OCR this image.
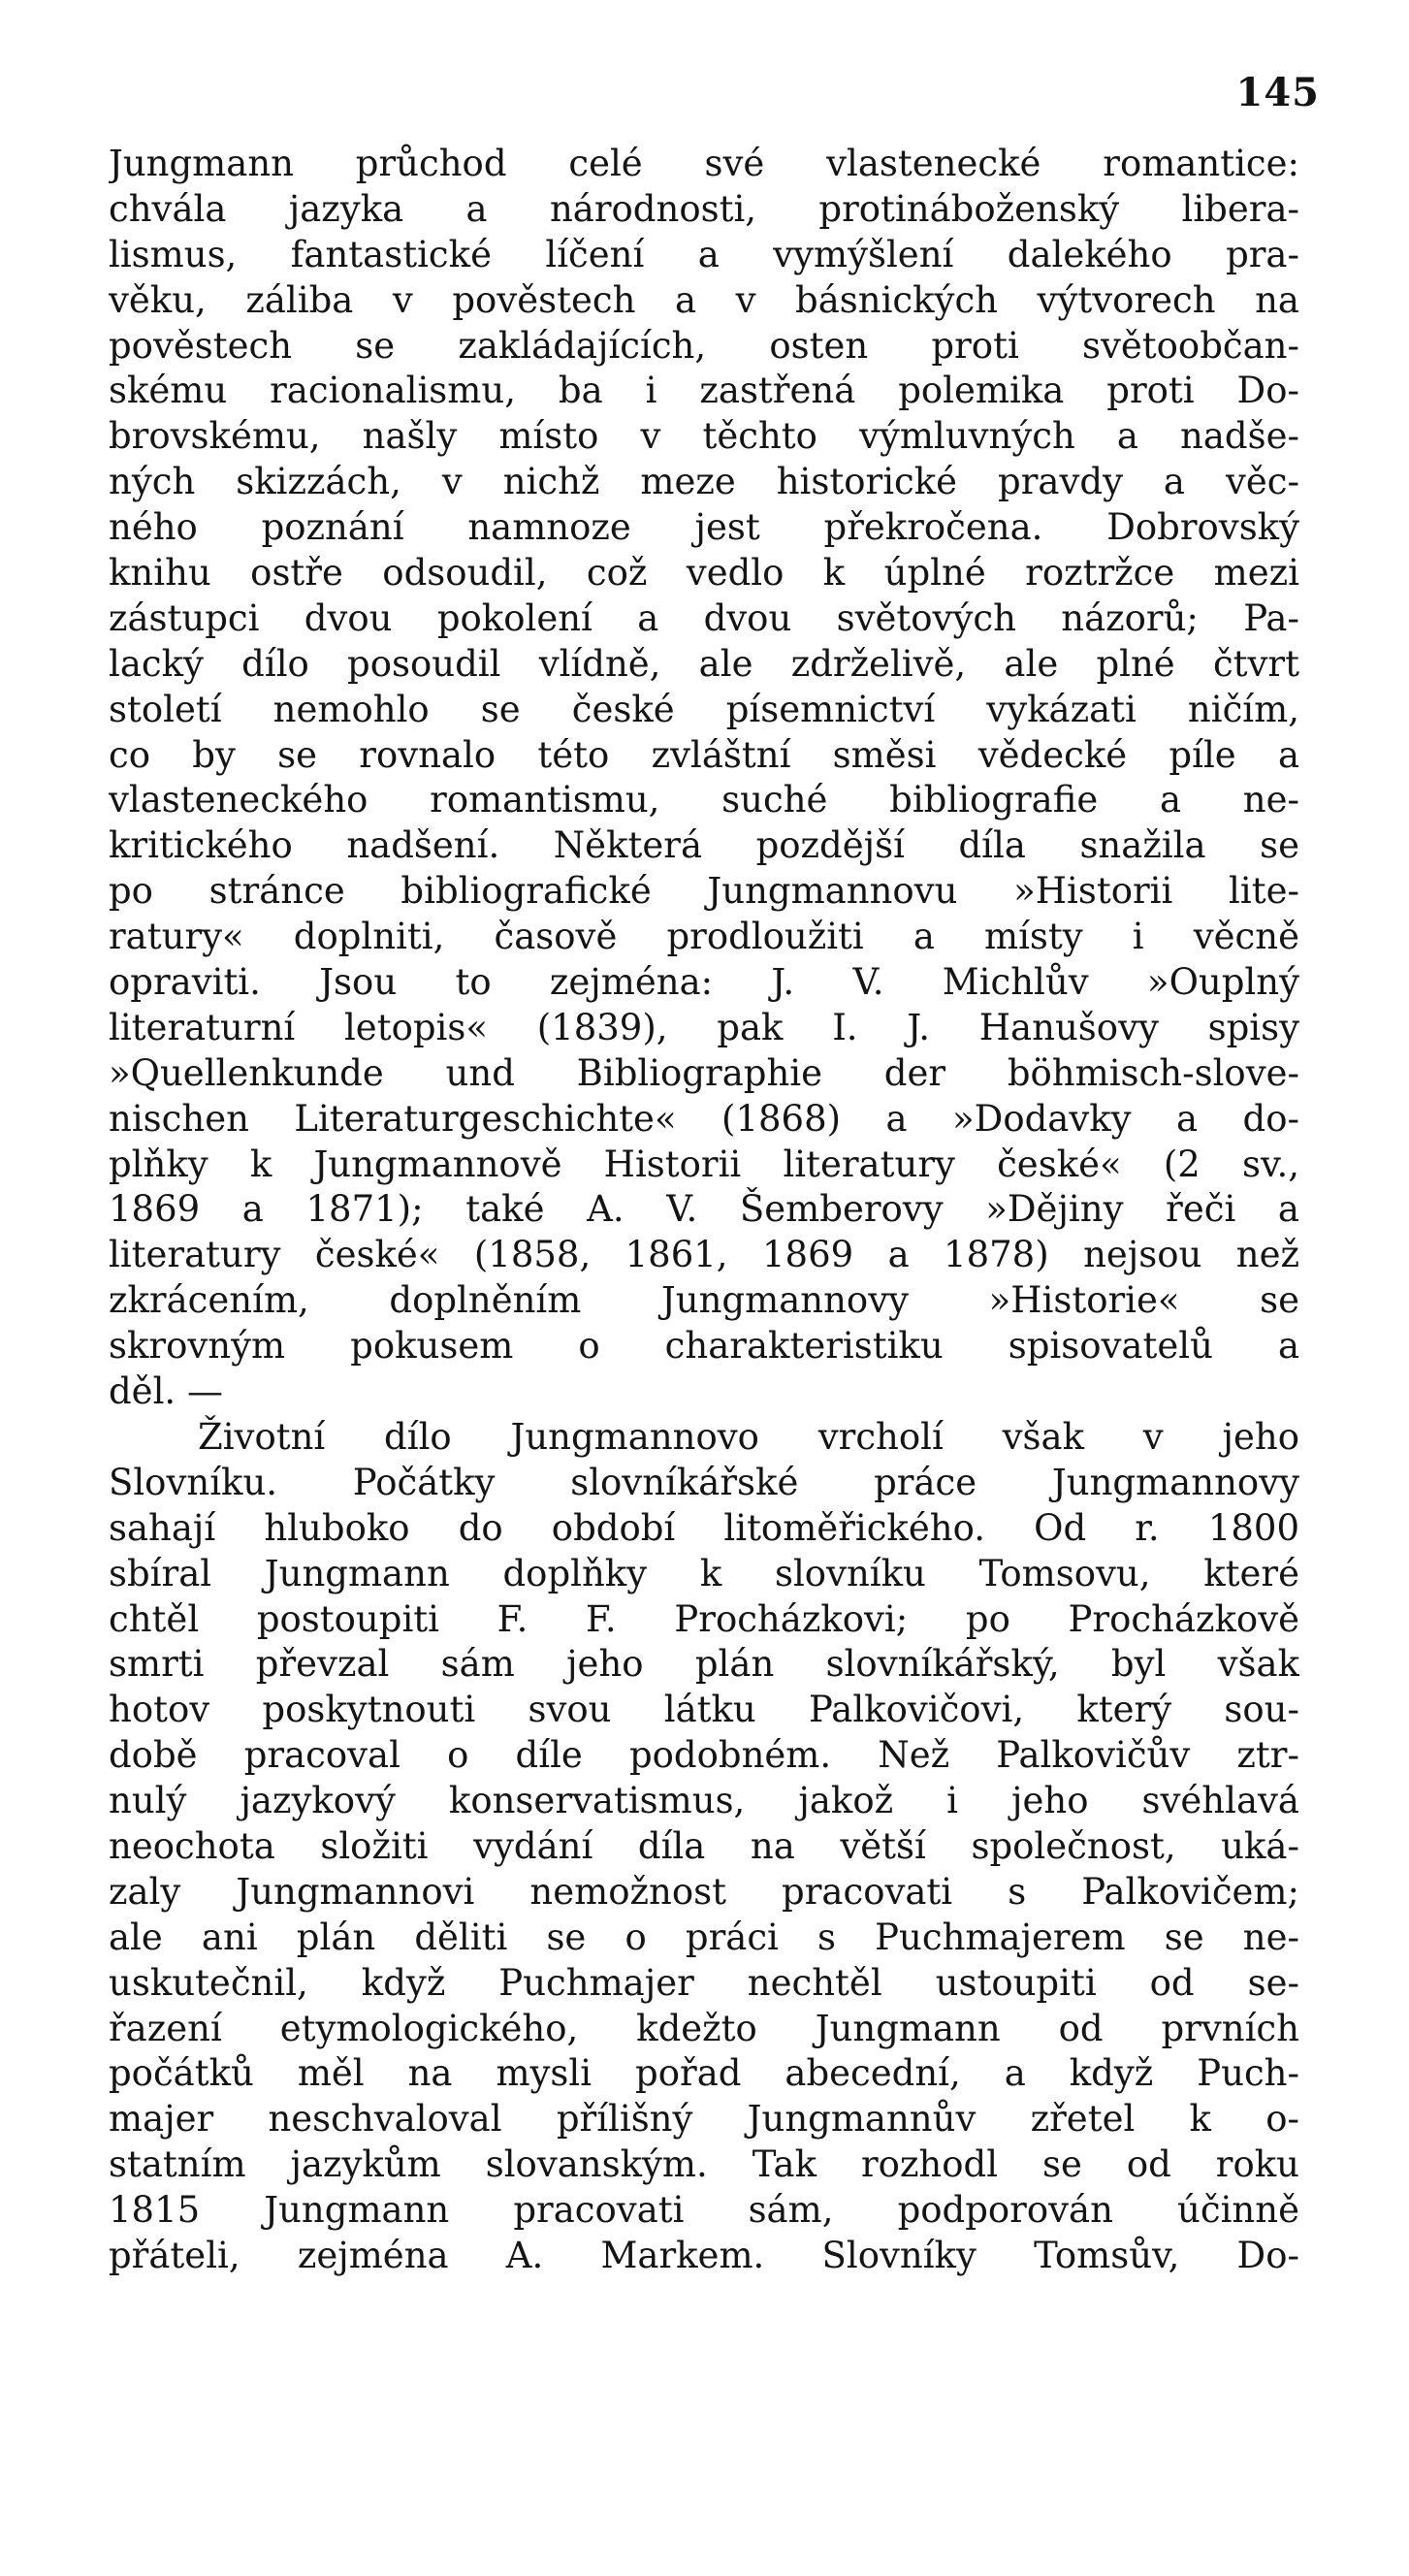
145
Jungmann průchod celé své vlastenecké romantice:
chvála jazyka a národnosti, protináboženský libera-
lismus, fantastické líčení a vymýšlení dalekého pra-
věku, záliba v pověstech a v básnických výtvorech na
pověstech se zakládajících, osten proti světoobčan-
skému racionalismu, ba i zastřená polemika proti Do-
brovskému, našly místo v těchto výmluvných a nadše-
ných skizzách, v nichž meze historické pravdy a věc-
ného poznání namnoze jest překročena. Dobrovský
knihu ostře odsoudil, což vedlo k úplné roztržce mezi
zástupci dvou pokolení a dvou světových názorů; Pa-
lacký dílo posoudil vlídně, ale zdrželivě, ale plné čtvrt
století nemohlo se české písemnictví vykázati ničím,
co by se rovnalo této zvláštní směsi vědecké píle a
vlasteneckého romantismu, suché bibliografie a ne-
kritického nadšení. Některá pozdější díla snažila se
po stránce bibliografické Jungmannovu »Historii lite-
ratury« doplniti, časově prodloužiti a místy i věcně
opraviti. Jsou to zejména: J. V. Michlův »Ouplný
literaturní letopis« (1839), pak I. J. Hanušovy spisy
»Quellenkunde und Bibliographie der böhmisch-slove-
nischen Literaturgeschichte« (1868) a »Dodavky a do-
plňky k Jungmannově Historii literatury české« (2 sv.,
1869 a 1871); také A. V. Šemberovy »Dějiny řeči a
literatury české« (1858, 1861, 1869 a 1878) nejsou než
zkrácením, doplněním Jungmannovy »Historie« se
skrovným pokusem o charakteristiku spisovatelů a
děl. —
Životní dílo Jungmannovo vrcholí však v jeho
Slovníku. Počátky slovníkářské práce Jungmannovy
sahají hluboko do období litoměřického. Od r. 1800
sbíral Jungmann doplňky k slovníku Tomsovu, které
chtěl postoupiti F. F. Procházkovi; po Procházkově
smrti převzal sám jeho plán slovníkářský, byl však
hotov poskytnouti svou látku Palkovičovi, který sou-
době pracoval o díle podobném. Než Palkovičův ztr-
nulý jazykový konservatismus, jakož i jeho svéhlavá
neochota složiti vydání díla na větší společnost, uká-
zaly Jungmannovi nemožnost pracovati s Palkovičem;
ale ani plán děliti se o práci s Puchmajerem se ne-
uskutečnil, když Puchmajer nechtěl ustoupiti od se-
řazení etymologického, kdežto Jungmann od prvních
počátků měl na mysli pořad abecední, a když Puch-
majer neschvaloval přílišný Jungmannův zřetel k o-
statním jazykům slovanským. Tak rozhodl se od roku
1815 Jungmann pracovati sám, podporován účinně
přáteli, zejména A. Markem. Slovníky Tomsův, Do-
